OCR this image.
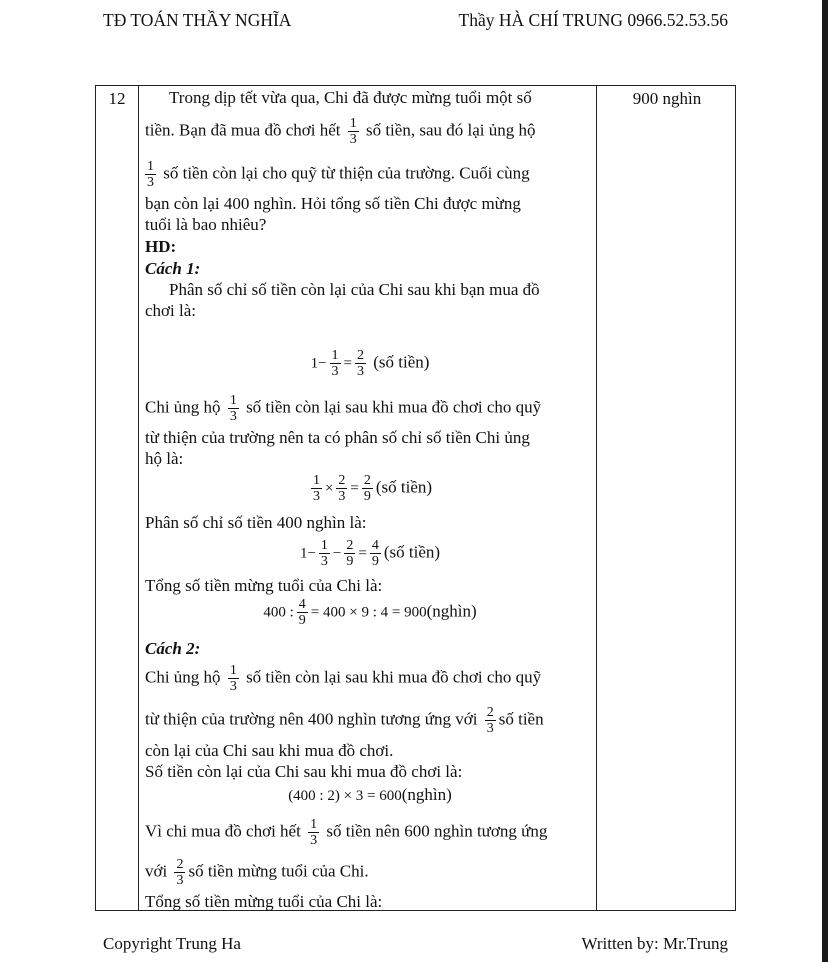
TĐ TOÁN THẦY NGHĨA	Thầy HÀ CHÍ TRUNG 0966.52.53.56
12	900 nghìn
Trong dịp tết vừa qua, Chi đã được mừng tuổi một số
tiền. Bạn đã mua đồ chơi hết $\frac{1}{3}$ số tiền, sau đó lại ủng hộ
$\frac{1}{3}$ số tiền còn lại cho quỹ từ thiện của trường. Cuối cùng
bạn còn lại 400 nghìn. Hỏi tổng số tiền Chi được mừng
tuổi là bao nhiêu?
HD:
Cách 1:
Phân số chỉ số tiền còn lại của Chi sau khi bạn mua đồ
chơi là:
$1- \frac{1}{3} = \frac{2}{3}$ (số tiền)
Chi ủng hộ $\frac{1}{3}$ số tiền còn lại sau khi mua đồ chơi cho quỹ
từ thiện của trường nên ta có phân số chỉ số tiền Chi ủng
hộ là:
$\frac{1}{3} \times \frac{2}{3} = \frac{2}{9}$ (số tiền)
Phân số chỉ số tiền 400 nghìn là:
$1- \frac{1}{3} - \frac{2}{9} = \frac{4}{9}$ (số tiền)
Tổng số tiền mừng tuổi của Chi là:
400 : $\frac{4}{9} = 400 \times 9$ : 4 = 900(nghìn)
Cách 2:
Chi ủng hộ $\frac{1}{3}$ số tiền còn lại sau khi mua đồ chơi cho quỹ
từ thiện của trường nên 400 nghìn tương ứng với $\frac{2}{3}$ số tiền
còn lại của Chi sau khi mua đồ chơi.
Số tiền còn lại của Chi sau khi mua đồ chơi là:
(400 : 2) × 3 = 600(nghìn)
Vì chi mua đồ chơi hết $\frac{1}{3}$ số tiền nên 600 nghìn tương ứng
với $\frac{2}{3}$ số tiền mừng tuổi của Chi.
Tổng số tiền mừng tuổi của Chi là:
Copyright Trung Ha	Written by: Mr.Trung
